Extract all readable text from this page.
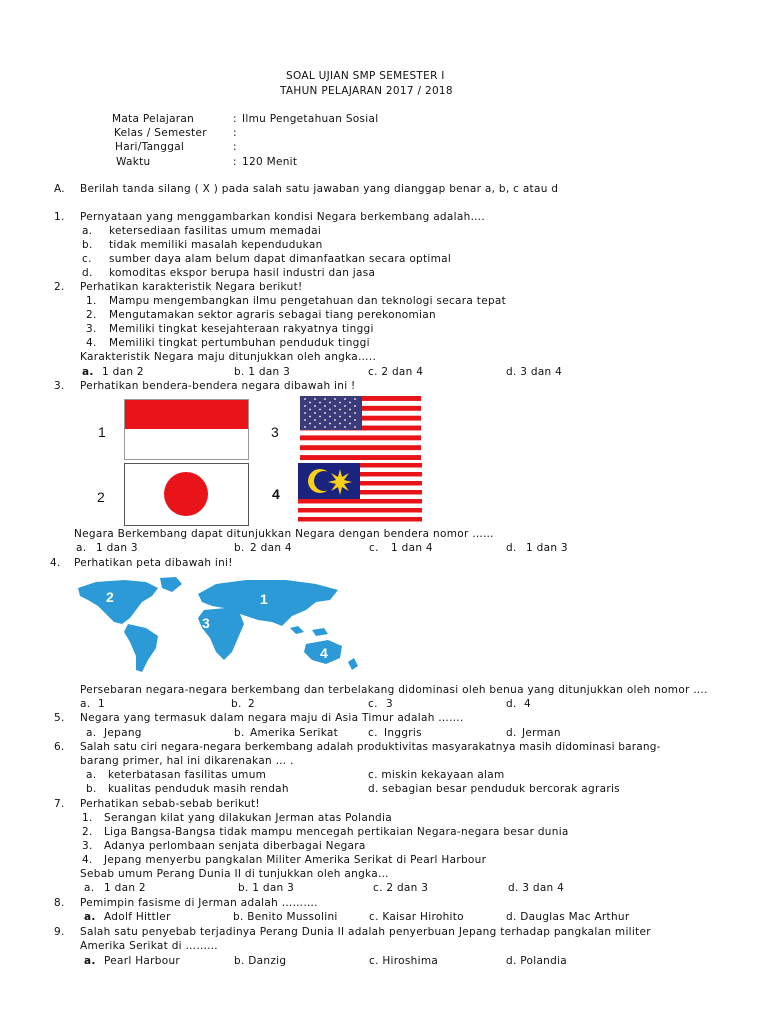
SOAL UJIAN SMP SEMESTER I
TAHUN PELAJARAN 2017 / 2018
Mata Pelajaran	: Ilmu Pengetahuan Sosial
Kelas / Semester :
Hari/Tanggal	:
Waktu	: 120 Menit
A. Berilah tanda silang ( X ) pada salah satu jawaban yang dianggap benar a, b, c atau d
1. Pernyataan yang menggambarkan kondisi Negara berkembang adalah….
a. ketersediaan fasilitas umum memadai
b. tidak memiliki masalah kependudukan
c. sumber daya alam belum dapat dimanfaatkan secara optimal
d. komoditas ekspor berupa hasil industri dan jasa
2. Perhatikan karakteristik Negara berikut!
1. Mampu mengembangkan ilmu pengetahuan dan teknologi secara tepat
2. Mengutamakan sektor agraris sebagai tiang perekonomian
3. Memiliki tingkat kesejahteraan rakyatnya tinggi
4. Memiliki tingkat pertumbuhan penduduk tinggi
Karakteristik Negara maju ditunjukkan oleh angka…..
a. 1 dan 2	b. 1 dan 3	c. 2 dan 4	d. 3 dan 4
3. Perhatikan bendera-bendera negara dibawah ini !
1	3
2	4
Negara Berkembang dapat ditunjukkan Negara dengan bendera nomor ……
a. 1 dan 3	b. 2 dan 4	c. 1 dan 4	d. 1 dan 3
4. Perhatikan peta dibawah ini!
2	1
3
4
Persebaran negara-negara berkembang dan terbelakang didominasi oleh benua yang ditunjukkan oleh nomor ….
a. 1	b. 2	c. 3	d. 4
5. Negara yang termasuk dalam negara maju di Asia Timur adalah …….
a. Jepang	b. Amerika Serikat	c. Inggris	d. Jerman
6. Salah satu ciri negara-negara berkembang adalah produktivitas masyarakatnya masih didominasi barang-
barang primer, hal ini dikarenakan … .
a. keterbatasan fasilitas umum	c. miskin kekayaan alam
b. kualitas penduduk masih rendah	d. sebagian besar penduduk bercorak agraris
7. Perhatikan sebab-sebab berikut!
1. Serangan kilat yang dilakukan Jerman atas Polandia
2. Liga Bangsa-Bangsa tidak mampu mencegah pertikaian Negara-negara besar dunia
3. Adanya perlombaan senjata diberbagai Negara
4. Jepang menyerbu pangkalan Militer Amerika Serikat di Pearl Harbour
Sebab umum Perang Dunia II di tunjukkan oleh angka…
a. 1 dan 2	b. 1 dan 3	c. 2 dan 3	d. 3 dan 4
8. Pemimpin fasisme di Jerman adalah ……….
a. Adolf Hittler	b. Benito Mussolini	c. Kaisar Hirohito	d. Dauglas Mac Arthur
9. Salah satu penyebab terjadinya Perang Dunia II adalah penyerbuan Jepang terhadap pangkalan militer
Amerika Serikat di ………
a. Pearl Harbour	b. Danzig	c. Hiroshima	d. Polandia
